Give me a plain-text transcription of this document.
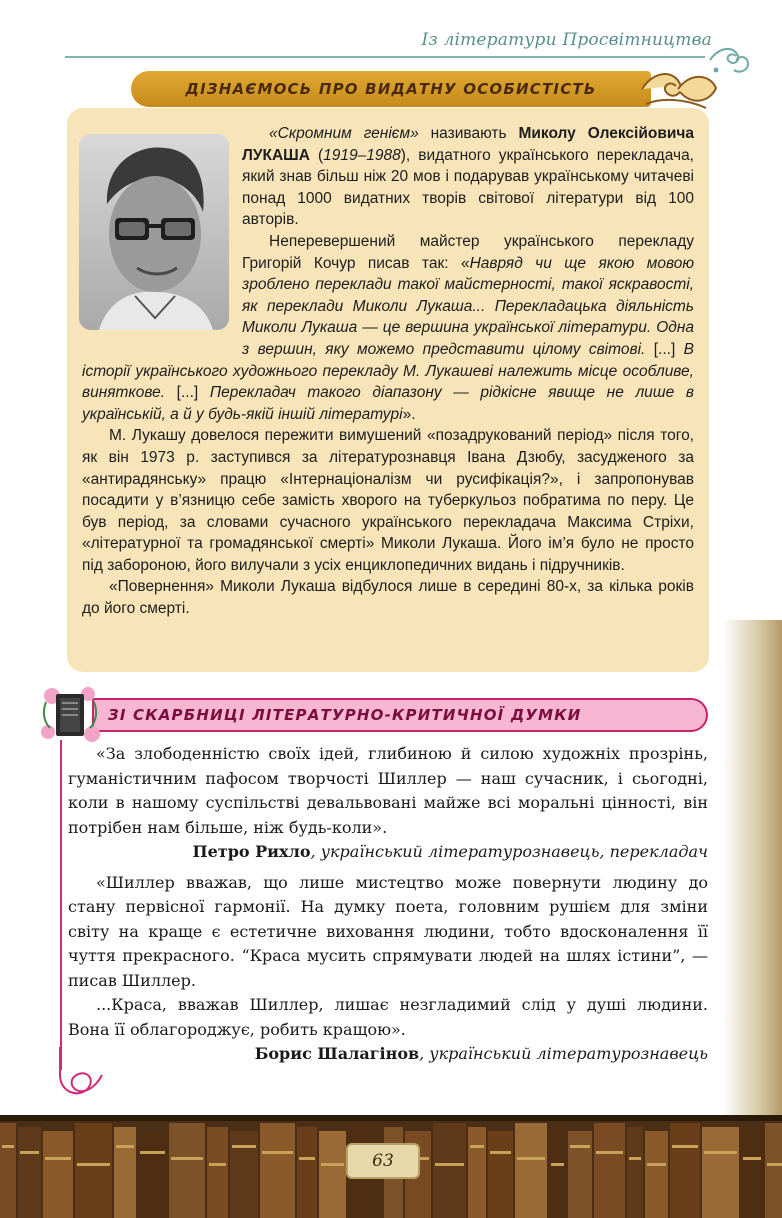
Із літератури Просвітництва
ДІЗНАЄМОСЬ ПРО ВИДАТНУ ОСОБИСТІСТЬ

«Скромним генієм» називають Миколу Олексійовича ЛУКАША (1919–1988), видатного українського перекладача, який знав більш ніж 20 мов і подарував українському читачеві понад 1000 видатних творів світової літератури від 100 авторів.

Неперевершений майстер українського перекладу Григорій Кочур писав так: «Навряд чи ще якою мовою зроблено переклади такої майстерності, такої яскравості, як переклади Миколи Лукаша... Перекладацька діяльність Миколи Лукаша — це вершина української літератури. Одна з вершин, яку можемо представити цілому світові. [...] В історії українського художнього перекладу М. Лукашеві належить місце особливе, виняткове. [...] Перекладач такого діапазону — рідкісне явище не лише в українській, а й у будь-якій іншій літературі».

М. Лукашу довелося пережити вимушений «позадрукований період» після того, як він 1973 р. заступився за літературознавця Івана Дзюбу, засудженого за «антирадянську» працю «Інтернаціоналізм чи русифікація?», і запропонував посадити у в’язницю себе замість хворого на туберкульоз побратима по перу. Це був період, за словами сучасного українського перекладача Максима Стріхи, «літературної та громадянської смерті» Миколи Лукаша. Його ім’я було не просто під забороною, його вилучали з усіх енциклопедичних видань і підручників.

«Повернення» Миколи Лукаша відбулося лише в середині 80-х, за кілька років до його смерті.

ЗІ СКАРБНИЦІ ЛІТЕРАТУРНО-КРИТИЧНОЇ ДУМКИ

«За злободенністю своїх ідей, глибиною й силою художніх прозрінь, гуманістичним пафосом творчості Шиллер — наш сучасник, і сьогодні, коли в нашому суспільстві девальвовані майже всі моральні цінності, він потрібен нам більше, ніж будь-коли».

Петро Рихло, український літературознавець, перекладач

«Шиллер вважав, що лише мистецтво може повернути людину до стану первісної гармонії. На думку поета, головним рушієм для зміни світу на краще є естетичне виховання людини, тобто вдосконалення її чуття прекрасного. “Краса мусить спрямувати людей на шлях істини”, — писав Шиллер.

...Краса, вважав Шиллер, лишає незгладимий слід у душі людини. Вона її облагороджує, робить кращою».

Борис Шалагінов, український літературознавець

63
